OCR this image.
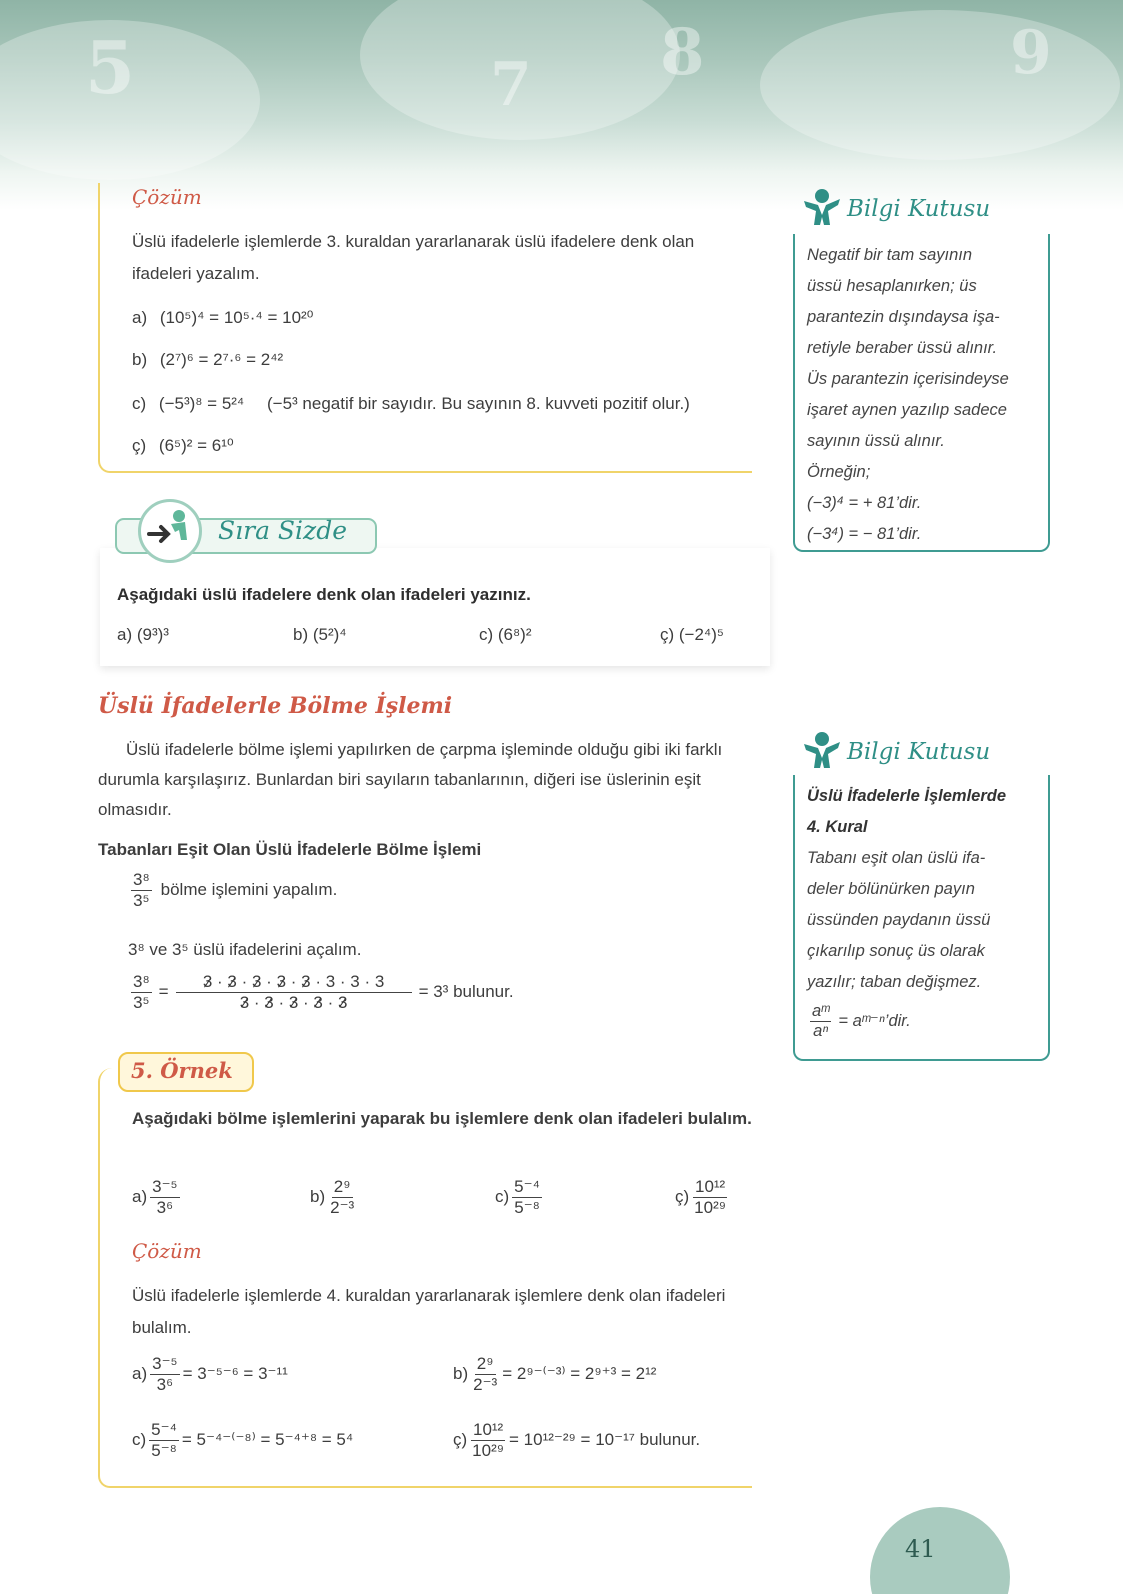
5	7 8	9
Çözüm
Üslü ifadelerle işlemlerde 3. kuraldan yararlanarak üslü ifadelere denk olan ifadeleri yazalım.
a) (10⁵)⁴ = 10⁵·⁴ = 10²⁰
b) (2⁷)⁶ = 2⁷·⁶ = 2⁴²
c) (−5³)⁸ = 5²⁴ (−5³ negatif bir sayıdır. Bu sayının 8. kuvveti pozitif olur.)
ç) (6⁵)² = 6¹⁰
Bilgi Kutusu

Negatif bir tam sayının

üssü hesaplanırken; üs

parantezin dışındaysa işa-

retiyle beraber üssü alınır.

Üs parantezin içerisindeyse

işaret aynen yazılıp sadece

sayının üssü alınır.

Örneğin;

(−3)⁴ = + 81’dir.

(−3⁴) = − 81’dir.

Sıra Sizde
Aşağıdaki üslü ifadelere denk olan ifadeleri yazınız.
a) (9³)³	b) (5²)⁴	c) (6⁸)²	ç) (−2⁴)⁵
Üslü İfadelerle Bölme İşlemi
Üslü ifadelerle bölme işlemi yapılırken de çarpma işleminde olduğu gibi iki farklı durumla karşılaşırız. Bunlardan biri sayıların tabanlarının, diğeri ise üslerinin eşit olmasıdır.
Tabanları Eşit Olan Üslü İfadelerle Bölme İşlemi
$\frac{\text{3⁸}}{\text{3⁵}}$ bölme işlemini yapalım.
3⁸ ve 3⁵ üslü ifadelerini açalım.
$\frac{\text{3⁸}}{\text{3⁵}} = \frac{3 \cdot 3 \cdot 3 \cdot 3 \cdot 3 \cdot 3 \cdot 3 \cdot 3}{3 \cdot 3 \cdot 3 \cdot 3 \cdot 3} = 3^3$ bulunur.
Bilgi Kutusu

Üslü İfadelerle İşlemlerde

4. Kural

Tabanı eşit olan üslü ifa-

deler bölünürken payın

üssünden paydanın üssü

çıkarılıp sonuç üs olarak

yazılır; taban değişmez.

$\frac{\text{aᵐ}}{\text{aⁿ}}$ = aᵐ⁻ⁿ’dir.

5. Örnek
Aşağıdaki bölme işlemlerini yaparak bu işlemlere denk olan ifadeleri bulalım.
$a) \frac{\text{3⁻⁵}}{\text{3⁶}}$	$b) \frac{\text{2⁹}}{\text{2⁻³}}$	$c) \frac{\text{5⁻⁴}}{\text{5⁻⁸}}$	ç) $\frac{\text{10¹²}}{\text{10²⁹}}$
Çözüm
Üslü ifadelerle işlemlerde 4. kuraldan yararlanarak işlemlere denk olan ifadeleri bulalım.
$a) \frac{\text{3⁻⁵}}{\text{3⁶}} = 3^{-5-6} = 3^{-11}$	$b) \frac{\text{2⁹}}{\text{2⁻³}} = 2^{9-(-3)} = 2^{9+3} = 2^{12}$
$c) \frac{\text{5⁻⁴}}{\text{5⁻⁸}} = 5^{-4-(-8)} = 5^{-4+8} = 5^4$	ç) $\frac{\text{10¹²}}{\text{10²⁹}} = 10^{12-29} = 10^{-17}$ bulunur.
41
